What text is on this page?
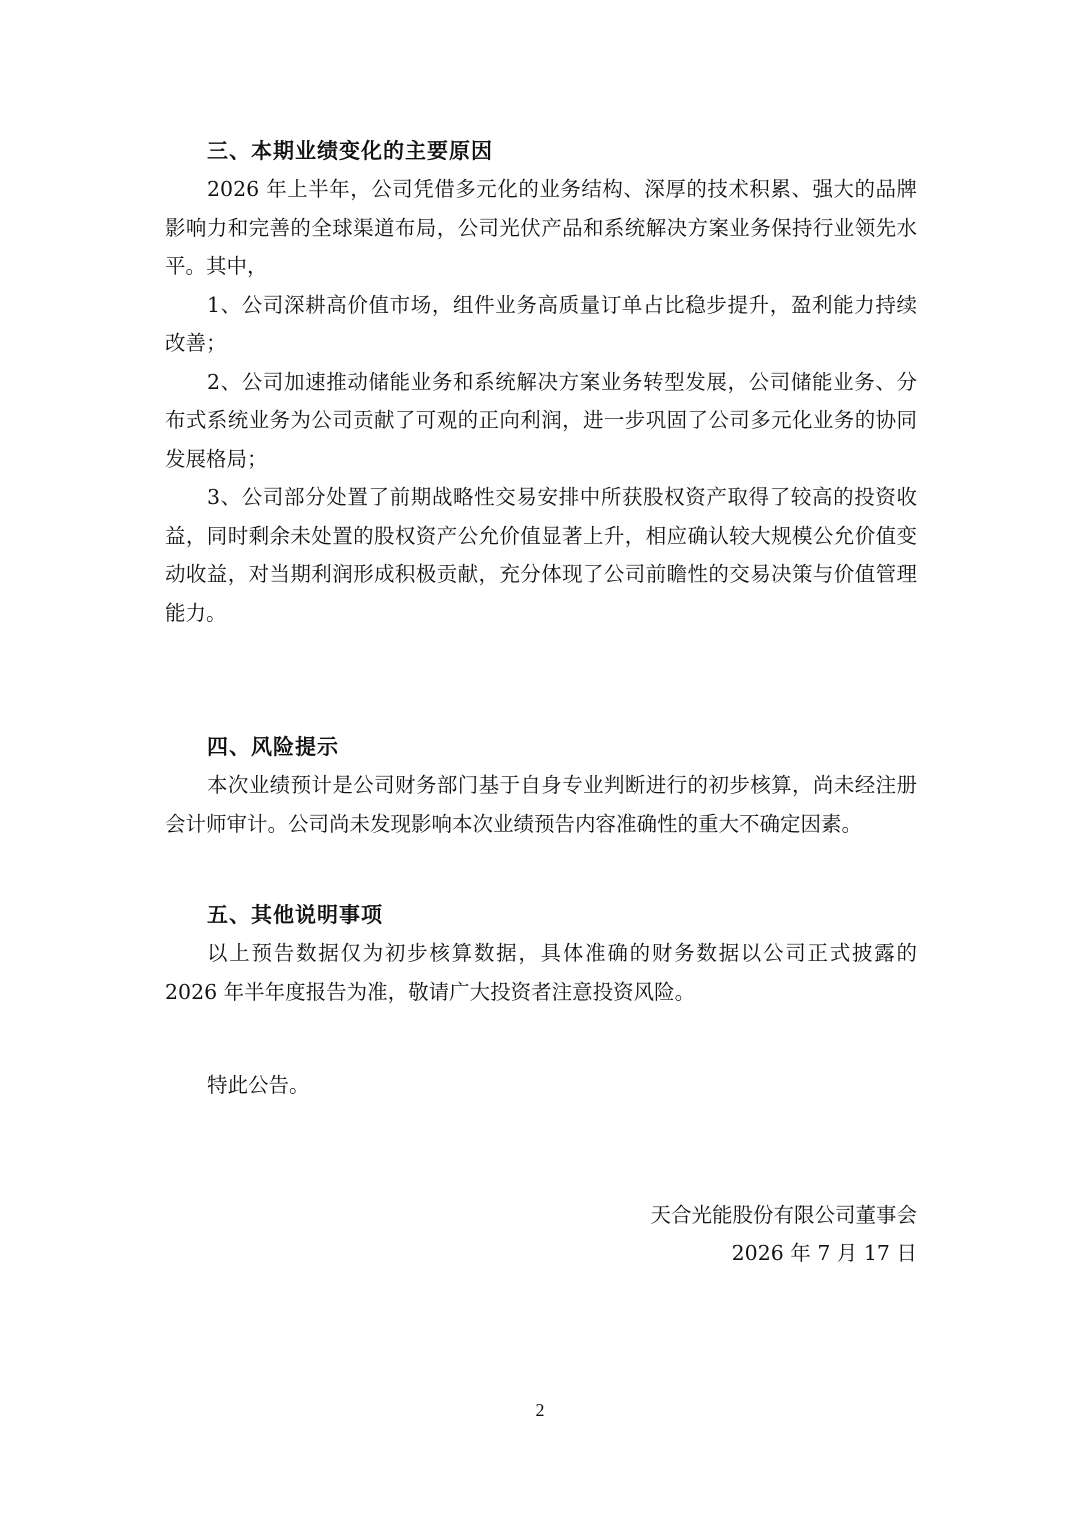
三、本期业绩变化的主要原因

2026 年上半年，公司凭借多元化的业务结构、深厚的技术积累、强大的品牌影响力和完善的全球渠道布局，公司光伏产品和系统解决方案业务保持行业领先水平。其中，

1、公司深耕高价值市场，组件业务高质量订单占比稳步提升，盈利能力持续改善；

2、公司加速推动储能业务和系统解决方案业务转型发展，公司储能业务、分布式系统业务为公司贡献了可观的正向利润，进一步巩固了公司多元化业务的协同发展格局；

3、公司部分处置了前期战略性交易安排中所获股权资产取得了较高的投资收益，同时剩余未处置的股权资产公允价值显著上升，相应确认较大规模公允价值变动收益，对当期利润形成积极贡献，充分体现了公司前瞻性的交易决策与价值管理能力。

四、风险提示

本次业绩预计是公司财务部门基于自身专业判断进行的初步核算，尚未经注册会计师审计。公司尚未发现影响本次业绩预告内容准确性的重大不确定因素。

五、其他说明事项

以上预告数据仅为初步核算数据，具体准确的财务数据以公司正式披露的 2026 年半年度报告为准，敬请广大投资者注意投资风险。

特此公告。
天合光能股份有限公司董事会
2026 年 7 月 17 日
2
